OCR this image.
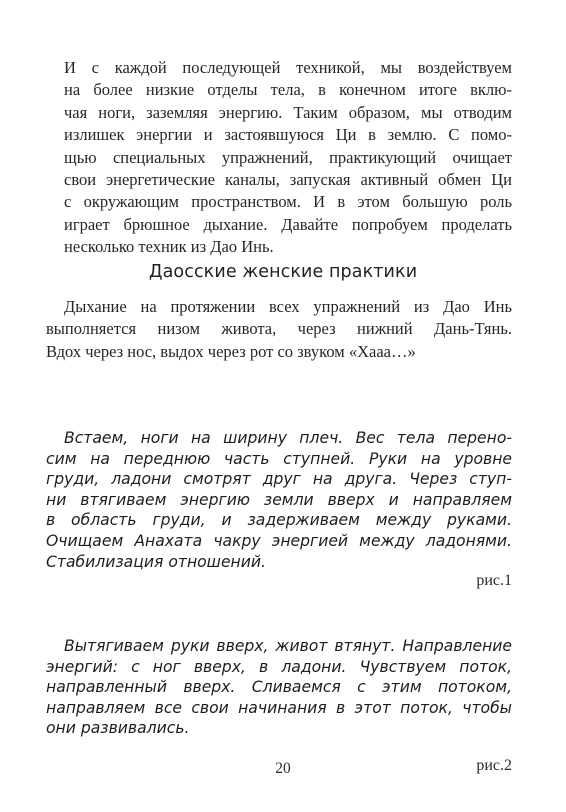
И с каждой последующей техникой, мы воздействуем
на более низкие отделы тела, в конечном итоге вклю-
чая ноги, заземляя энергию. Таким образом, мы отводим
излишек энергии и застоявшуюся Ци в землю. С помо-
щью специальных упражнений, практикующий очищает
свои энергетические каналы, запуская активный обмен Ци
с окружающим пространством. И в этом большую роль
играет брюшное дыхание. Давайте попробуем проделать
несколько техник из Дао Инь.
Даосские женские практики
Дыхание на протяжении всех упражнений из Дао Инь
выполняется низом живота, через нижний Дань-Тянь.
Вдох через нос, выдох через рот со звуком «Хааа…»
Встаем, ноги на ширину плеч. Вес тела перено-
сим на переднюю часть ступней. Руки на уровне
груди, ладони смотрят друг на друга. Через ступ-
ни втягиваем энергию земли вверх и направляем
в область груди, и задерживаем между руками.
Очищаем Анахата чакру энергией между ладонями.
Стабилизация отношений.
рис.1
Вытягиваем руки вверх, живот втянут. Направление
энергий: с ног вверх, в ладони. Чувствуем поток,
направленный вверх. Сливаемся с этим потоком,
направляем все свои начинания в этот поток, чтобы
они развивались.
20	рис.2
